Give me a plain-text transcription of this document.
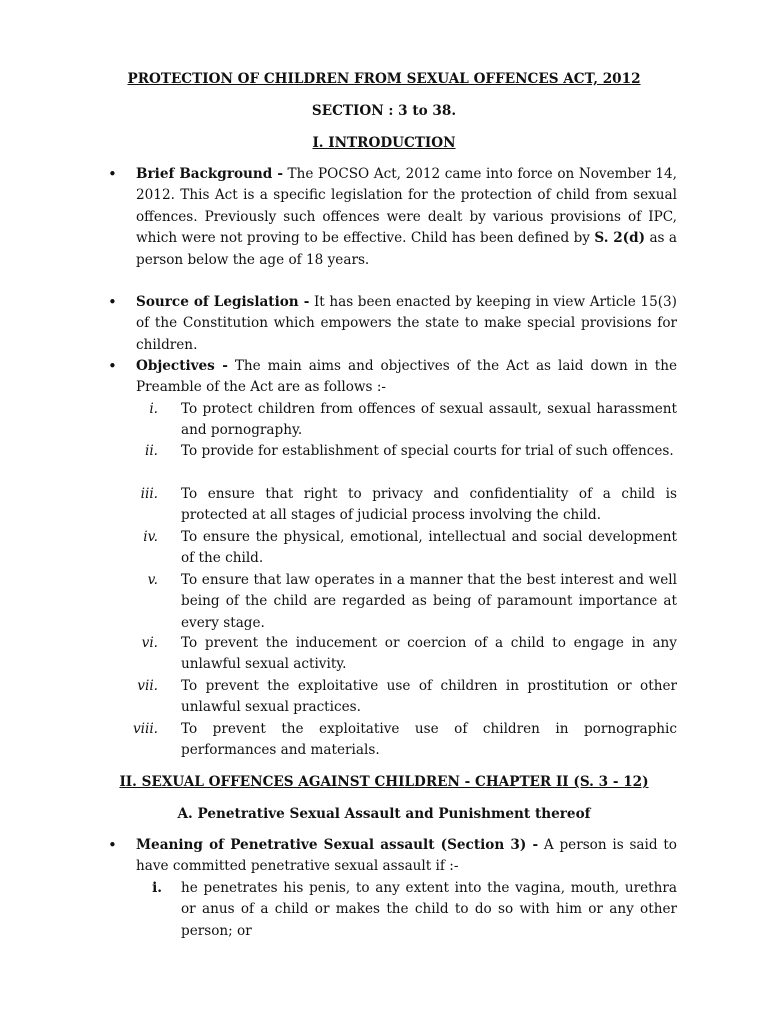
PROTECTION OF CHILDREN FROM SEXUAL OFFENCES ACT, 2012

SECTION : 3 to 38.

I. INTRODUCTION

• Brief Background - The POCSO Act, 2012 came into force on November 14, 2012. This Act is a specific legislation for the protection of child from sexual offences. Previously such offences were dealt by various provisions of IPC, which were not proving to be effective. Child has been defined by S. 2(d) as a person below the age of 18 years.

• Source of Legislation - It has been enacted by keeping in view Article 15(3) of the Constitution which empowers the state to make special provisions for children.

• Objectives - The main aims and objectives of the Act as laid down in the Preamble of the Act are as follows :-

i. To protect children from offences of sexual assault, sexual harassment and pornography.

ii. To provide for establishment of special courts for trial of such offences.

iii. To ensure that right to privacy and confidentiality of a child is protected at all stages of judicial process involving the child.

iv. To ensure the physical, emotional, intellectual and social development of the child.

v. To ensure that law operates in a manner that the best interest and well being of the child are regarded as being of paramount importance at every stage.

vi. To prevent the inducement or coercion of a child to engage in any unlawful sexual activity.

vii. To prevent the exploitative use of children in prostitution or other unlawful sexual practices.

viii. To prevent the exploitative use of children in pornographic performances and materials.

II. SEXUAL OFFENCES AGAINST CHILDREN - CHAPTER II (S. 3 - 12)

A. Penetrative Sexual Assault and Punishment thereof

• Meaning of Penetrative Sexual assault (Section 3) - A person is said to have committed penetrative sexual assault if :-

i. he penetrates his penis, to any extent into the vagina, mouth, urethra or anus of a child or makes the child to do so with him or any other person; or
